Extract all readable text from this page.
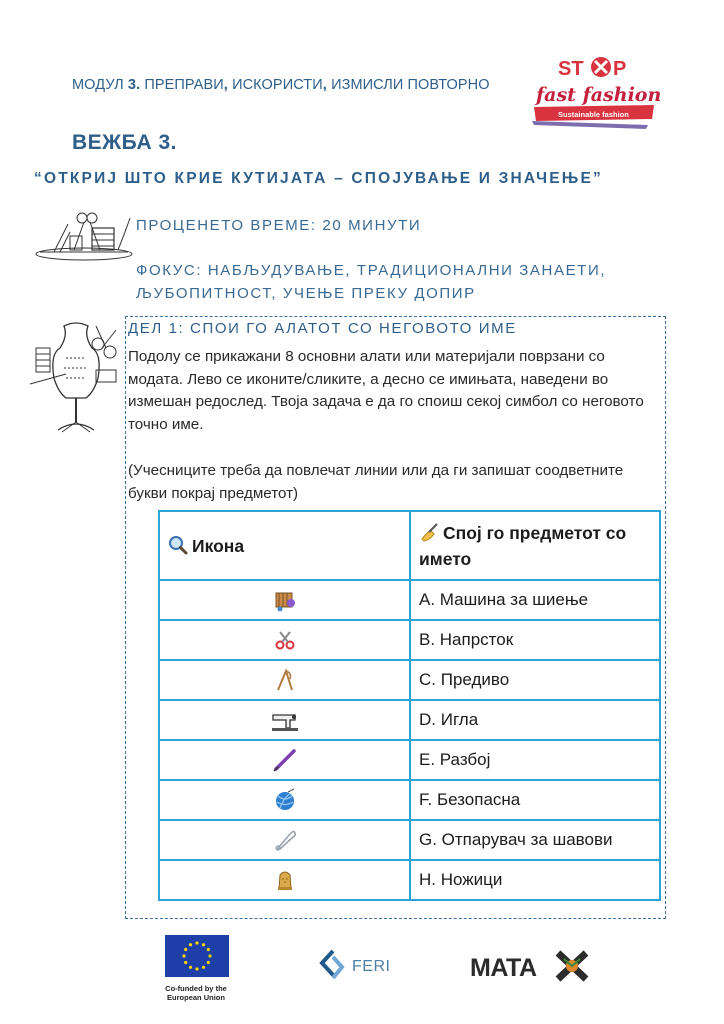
МОДУЛ 3. ПРЕПРАВИ, ИСКОРИСТИ, ИЗМИСЛИ ПОВТОРНО
ST P
fast fashion
Sustainable fashion
ВЕЖБА 3.
“ОТКРИЈ ШТО КРИЕ КУТИЈАТА – СПОЈУВАЊЕ И ЗНАЧЕЊЕ”
ПРОЦЕНЕТО ВРЕМЕ: 20 МИНУТИ
ФОКУС: НАБЉУДУВАЊЕ, ТРАДИЦИОНАЛНИ ЗАНАЕТИ, ЉУБОПИТНОСТ, УЧЕЊЕ ПРЕКУ ДОПИР
ДЕЛ 1: СПОИ ГО АЛАТОТ СО НЕГОВОТО ИМЕ
Подолу се прикажани 8 основни алати или материјали поврзани со модата. Лево се иконите/сликите, а десно се имињата, наведени во измешан редослед. Твоја задача е да го споиш секој симбол со неговото точно име.
(Учесниците треба да повлечат линии или да ги запишат соодветните букви покрај предметот)
Икона	Спој го предметот со името
	A. Машина за шиење
	B. Напрсток
	C. Предиво
	D. Игла
	E. Разбој
	F. Безопасна
	G. Отпарувач за шавови
	H. Ножици
Co-funded by the European Union
FERI	MATA
